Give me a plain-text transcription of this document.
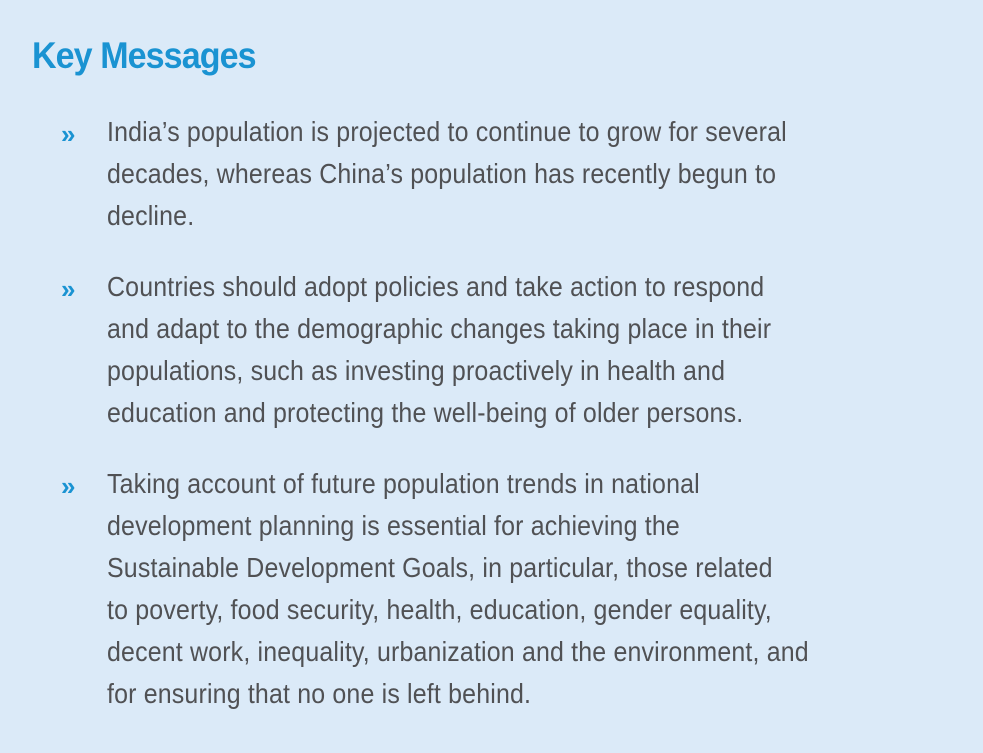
Key Messages
» India’s population is projected to continue to grow for several
decades, whereas China’s population has recently begun to
decline.
» Countries should adopt policies and take action to respond
and adapt to the demographic changes taking place in their
populations, such as investing proactively in health and
education and protecting the well-being of older persons.
» Taking account of future population trends in national
development planning is essential for achieving the
Sustainable Development Goals, in particular, those related
to poverty, food security, health, education, gender equality,
decent work, inequality, urbanization and the environment, and
for ensuring that no one is left behind.
